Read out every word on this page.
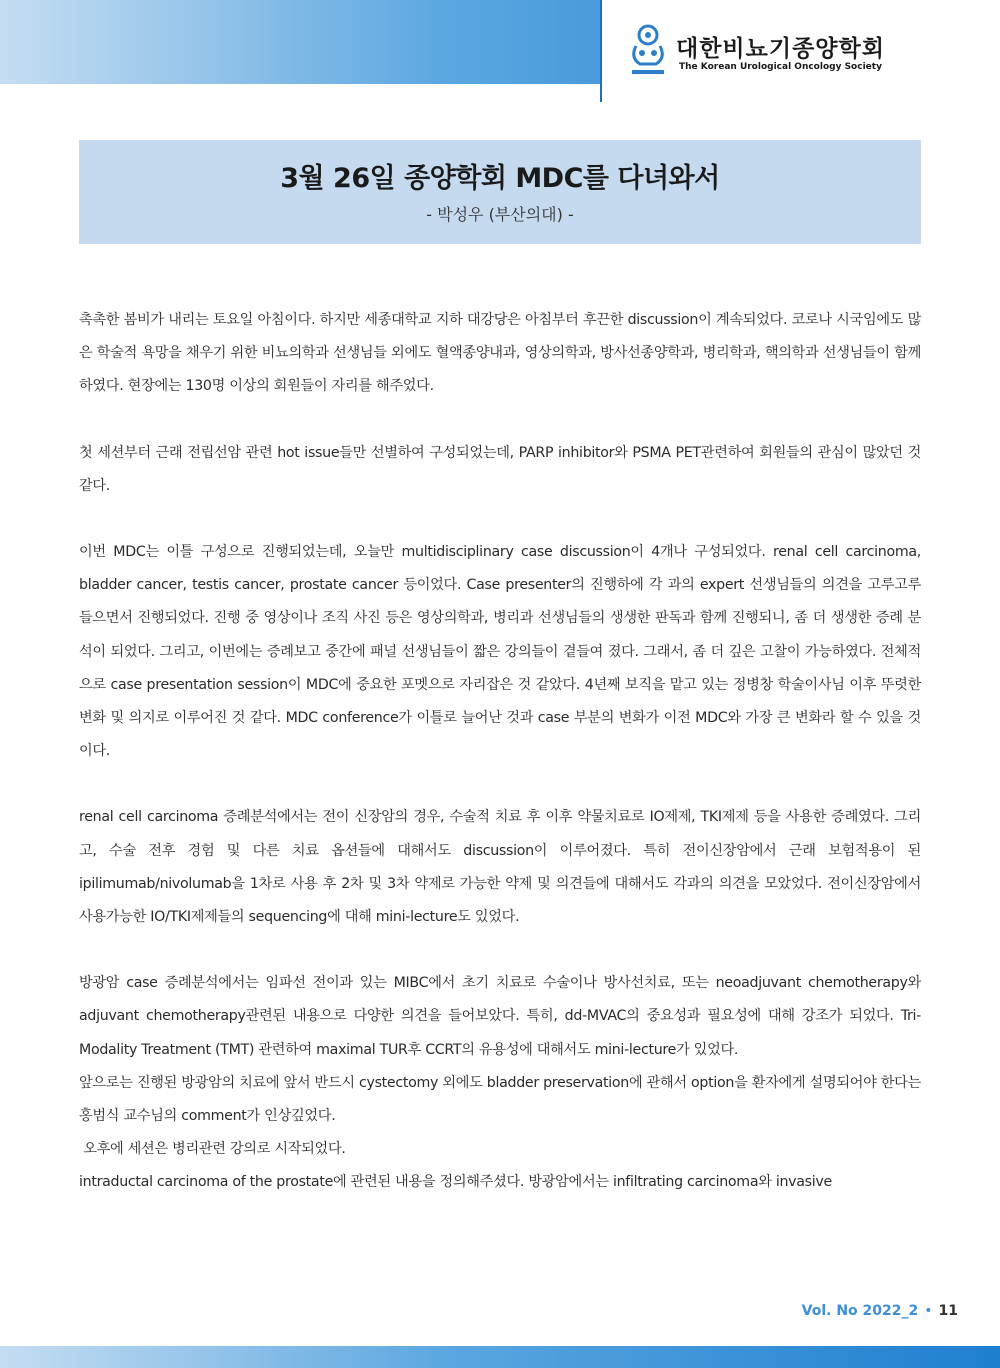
대한비뇨기종양학회
The Korean Urological Oncology Society
3월 26일 종양학회 MDC를 다녀와서
- 박성우 (부산의대) -

촉촉한 봄비가 내리는 토요일 아침이다. 하지만 세종대학교 지하 대강당은 아침부터 후끈한 discussion이 계속되었다. 코로나 시국임에도 많은 학술적 욕망을 채우기 위한 비뇨의학과 선생님들 외에도 혈액종양내과, 영상의학과, 방사선종양학과, 병리학과, 핵의학과 선생님들이 함께 하였다. 현장에는 130명 이상의 회원들이 자리를 해주었다.

첫 세션부터 근래 전립선암 관련 hot issue들만 선별하여 구성되었는데, PARP inhibitor와 PSMA PET관련하여 회원들의 관심이 많았던 것 같다.

이번 MDC는 이틀 구성으로 진행되었는데, 오늘만 multidisciplinary case discussion이 4개나 구성되었다. renal cell carcinoma, bladder cancer, testis cancer, prostate cancer 등이었다. Case presenter의 진행하에 각 과의 expert 선생님들의 의견을 고루고루 들으면서 진행되었다. 진행 중 영상이나 조직 사진 등은 영상의학과, 병리과 선생님들의 생생한 판독과 함께 진행되니, 좀 더 생생한 증례 분석이 되었다. 그리고, 이번에는 증례보고 중간에 패널 선생님들이 짧은 강의들이 곁들여 졌다. 그래서, 좀 더 깊은 고찰이 가능하였다. 전체적으로 case presentation session이 MDC에 중요한 포멧으로 자리잡은 것 같았다. 4년째 보직을 맡고 있는 정병창 학술이사님 이후 뚜렷한 변화 및 의지로 이루어진 것 같다. MDC conference가 이틀로 늘어난 것과 case 부분의 변화가 이전 MDC와 가장 큰 변화라 할 수 있을 것이다.

renal cell carcinoma 증례분석에서는 전이 신장암의 경우, 수술적 치료 후 이후 약물치료로 IO제제, TKI제제 등을 사용한 증례였다. 그리고, 수술 전후 경험 및 다른 치료 옵션들에 대해서도 discussion이 이루어졌다. 특히 전이신장암에서 근래 보험적용이 된 ipilimumab/nivolumab을 1차로 사용 후 2차 및 3차 약제로 가능한 약제 및 의견들에 대해서도 각과의 의견을 모았었다. 전이신장암에서 사용가능한 IO/TKI제제들의 sequencing에 대해 mini-lecture도 있었다.

방광암 case 증례분석에서는 임파선 전이과 있는 MIBC에서 초기 치료로 수술이나 방사선치료, 또는 neoadjuvant chemotherapy와 adjuvant chemotherapy관련된 내용으로 다양한 의견을 들어보았다. 특히, dd-MVAC의 중요성과 필요성에 대해 강조가 되었다. Tri-Modality Treatment (TMT) 관련하여 maximal TUR후 CCRT의 유용성에 대해서도 mini-lecture가 있었다.

앞으로는 진행된 방광암의 치료에 앞서 반드시 cystectomy 외에도 bladder preservation에 관해서 option을 환자에게 설명되어야 한다는 홍범식 교수님의 comment가 인상깊었다.

오후에 세션은 병리관련 강의로 시작되었다.

intraductal carcinoma of the prostate에 관련된 내용을 정의해주셨다. 방광암에서는 infiltrating carcinoma와 invasive

Vol. No 2022_2 • 11
